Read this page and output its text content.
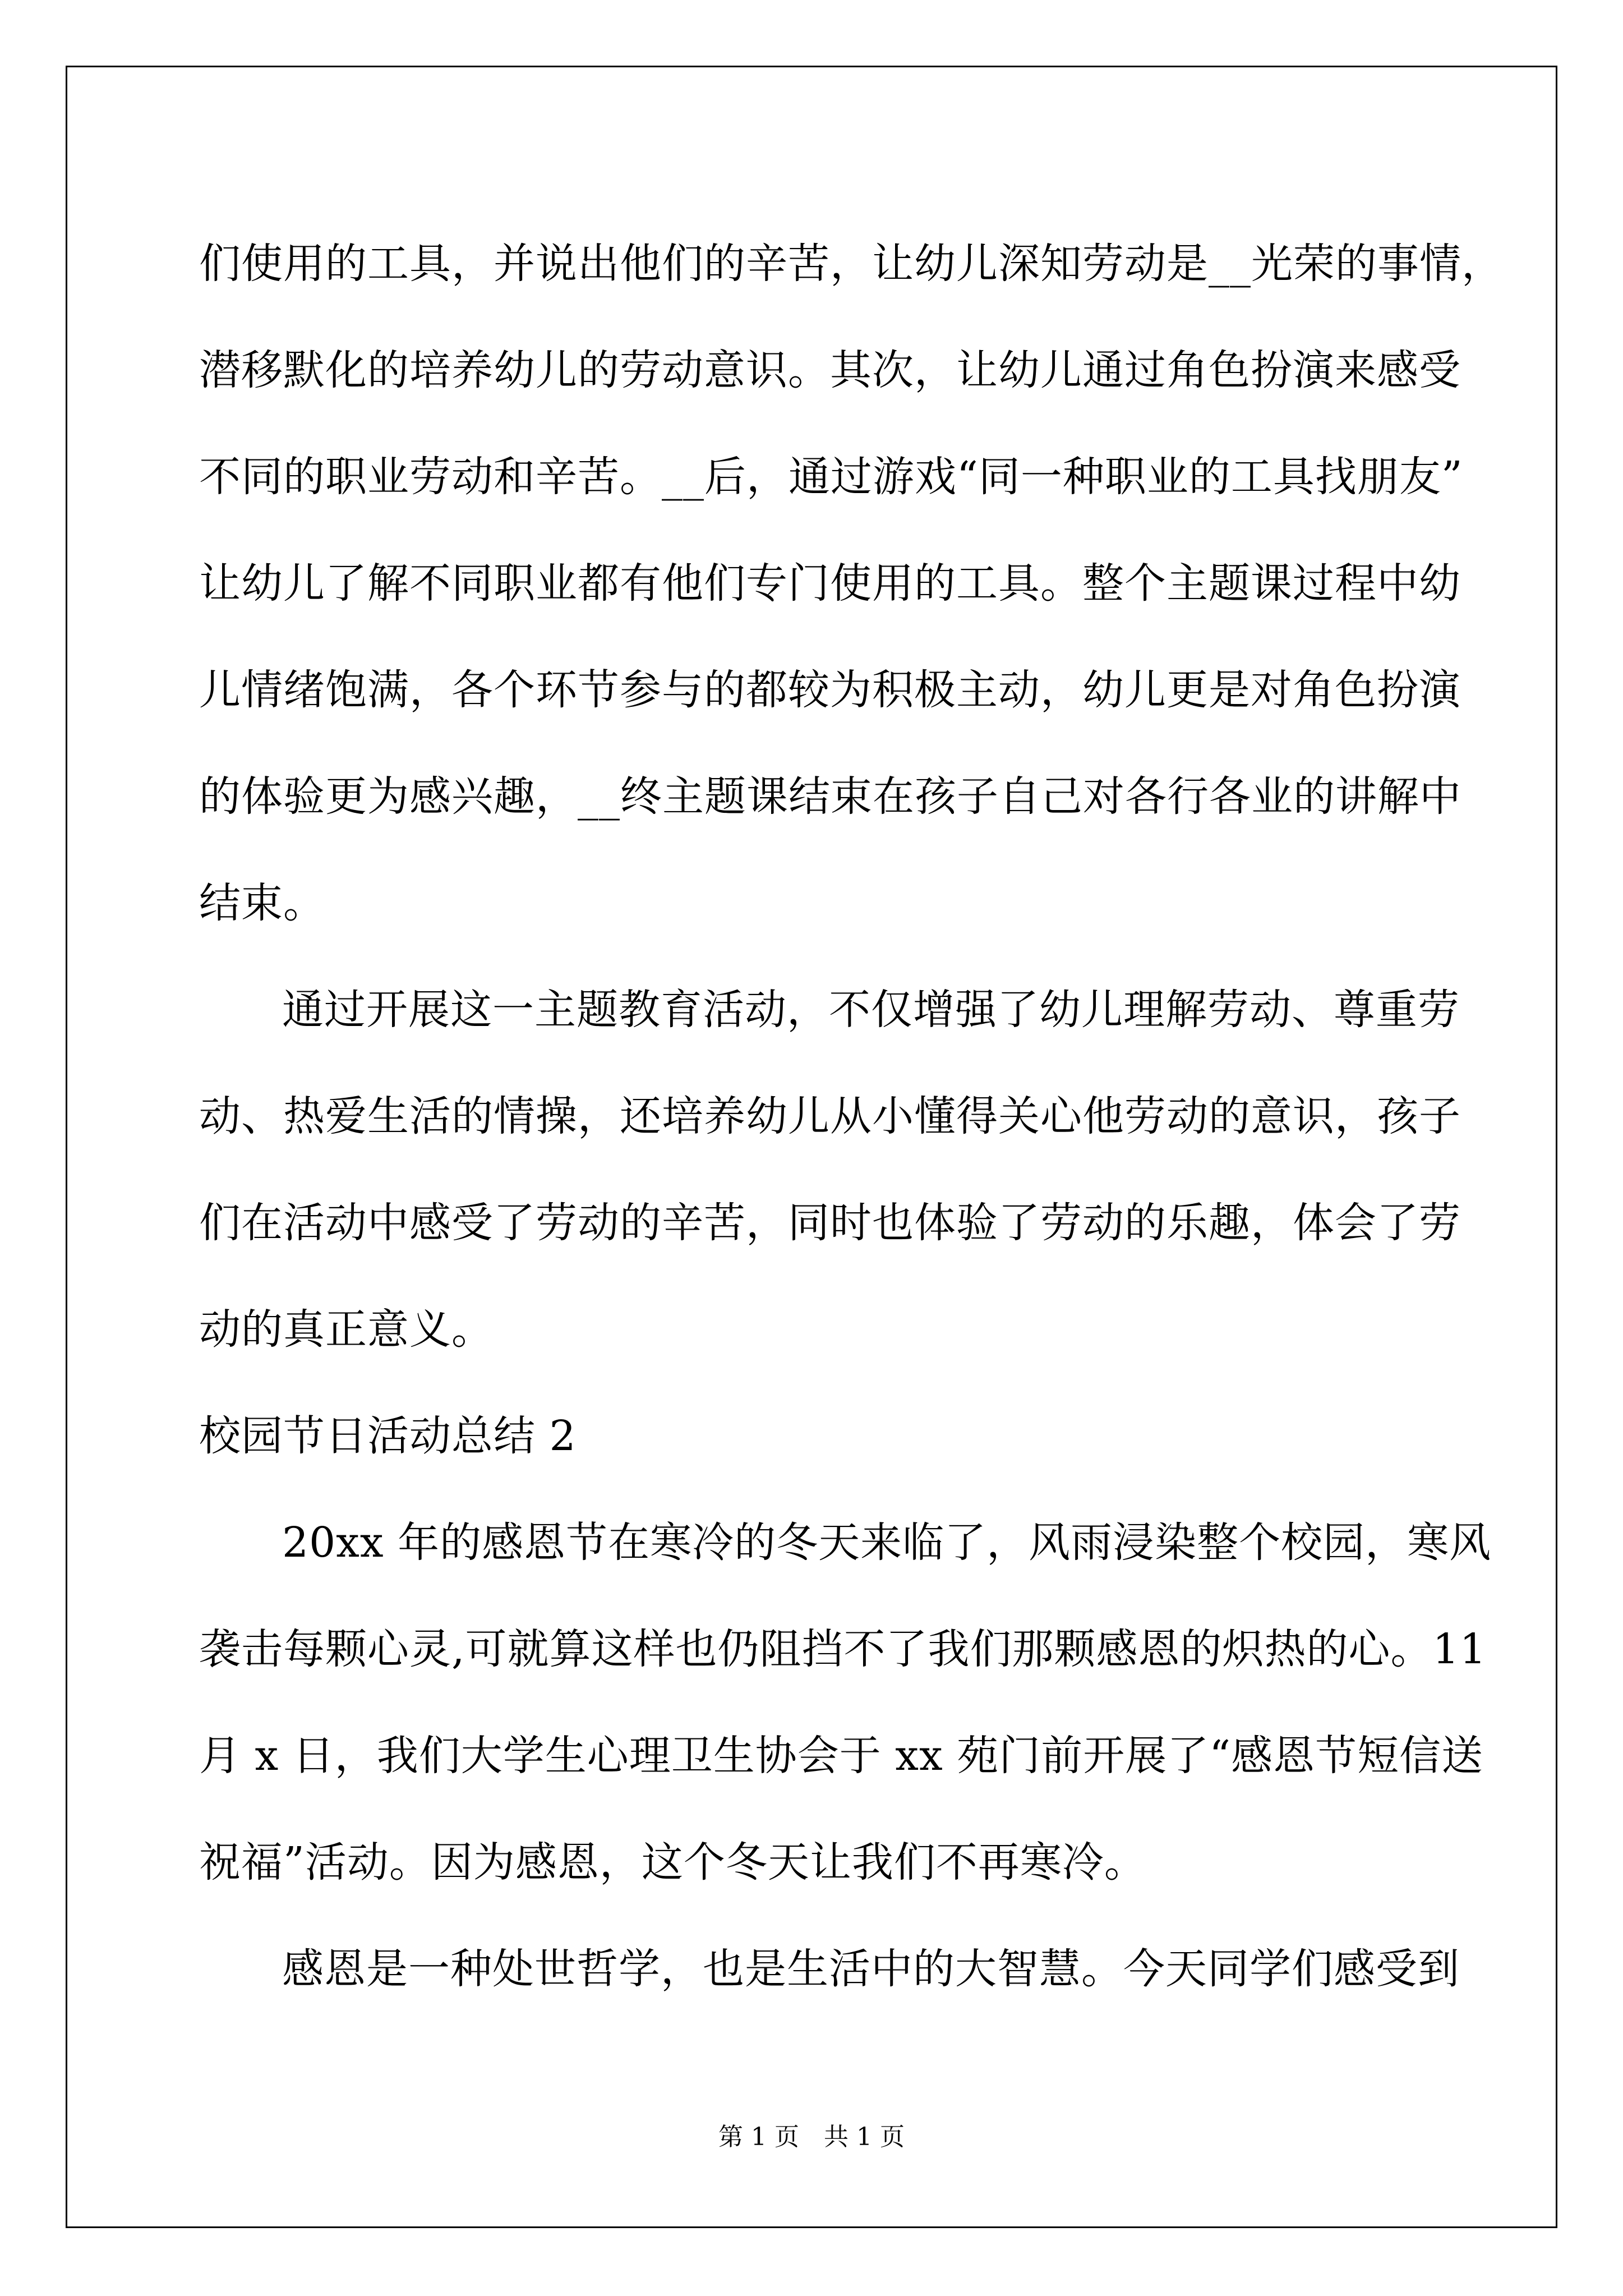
们使用的工具，并说出他们的辛苦，让幼儿深知劳动是__光荣的事情，
潜移默化的培养幼儿的劳动意识。其次，让幼儿通过角色扮演来感受
不同的职业劳动和辛苦。__后，通过游戏“同一种职业的工具找朋友”
让幼儿了解不同职业都有他们专门使用的工具。整个主题课过程中幼
儿情绪饱满，各个环节参与的都较为积极主动，幼儿更是对角色扮演
的体验更为感兴趣，__终主题课结束在孩子自己对各行各业的讲解中
结束。
通过开展这一主题教育活动，不仅增强了幼儿理解劳动、尊重劳
动、热爱生活的情操，还培养幼儿从小懂得关心他劳动的意识，孩子
们在活动中感受了劳动的辛苦，同时也体验了劳动的乐趣，体会了劳
动的真正意义。
校园节日活动总结 2
20xx 年的感恩节在寒冷的冬天来临了，风雨浸染整个校园，寒风
袭击每颗心灵,可就算这样也仍阻挡不了我们那颗感恩的炽热的心。11
月 x 日，我们大学生心理卫生协会于 xx 苑门前开展了“感恩节短信送
祝福”活动。因为感恩，这个冬天让我们不再寒冷。
感恩是一种处世哲学，也是生活中的大智慧。今天同学们感受到
第 1 页　共 1 页
